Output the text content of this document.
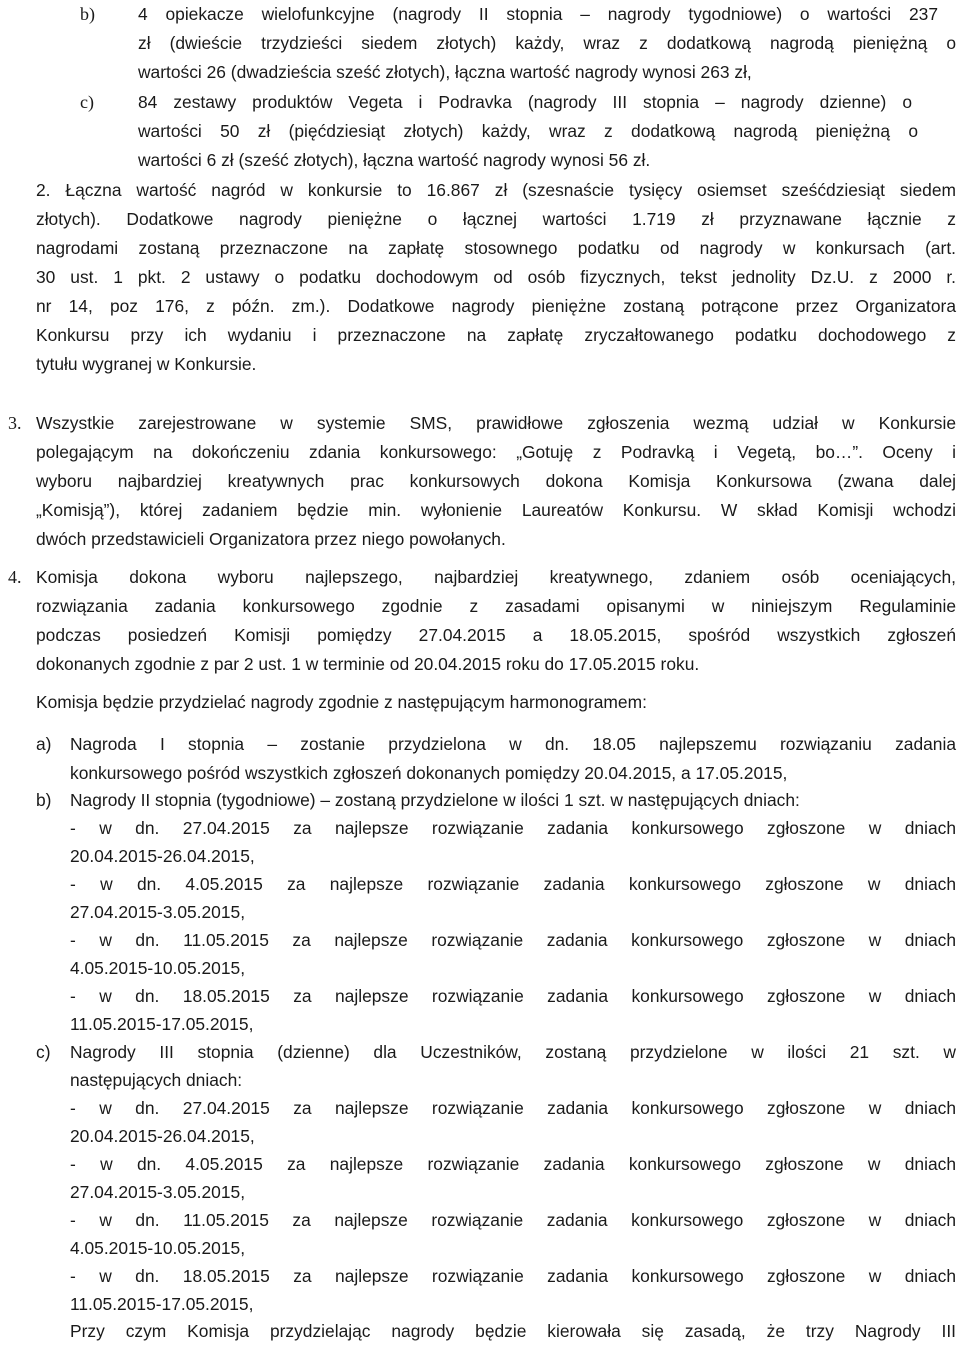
b)	4 opiekacze wielofunkcyjne (nagrody II stopnia – nagrody tygodniowe) o wartości 237
zł (dwieście trzydzieści siedem złotych) każdy, wraz z dodatkową nagrodą pieniężną o
wartości 26 (dwadzieścia sześć złotych), łączna wartość nagrody wynosi 263 zł,
c)	84 zestawy produktów Vegeta i Podravka (nagrody III stopnia – nagrody dzienne) o
wartości 50 zł (pięćdziesiąt złotych) każdy, wraz z dodatkową nagrodą pieniężną o
wartości 6 zł (sześć złotych), łączna wartość nagrody wynosi 56 zł.
2. Łączna wartość nagród w konkursie to 16.867 zł (szesnaście tysięcy osiemset sześćdziesiąt siedem
złotych). Dodatkowe nagrody pieniężne o łącznej wartości 1.719 zł przyznawane łącznie z
nagrodami zostaną przeznaczone na zapłatę stosownego podatku od nagrody w konkursach (art.
30 ust. 1 pkt. 2 ustawy o podatku dochodowym od osób fizycznych, tekst jednolity Dz.U. z 2000 r.
nr 14, poz 176, z późn. zm.). Dodatkowe nagrody pieniężne zostaną potrącone przez Organizatora
Konkursu przy ich wydaniu i przeznaczone na zapłatę zryczałtowanego podatku dochodowego z
tytułu wygranej w Konkursie.
3. Wszystkie zarejestrowane w systemie SMS, prawidłowe zgłoszenia wezmą udział w Konkursie
polegającym na dokończeniu zdania konkursowego: „Gotuję z Podravką i Vegetą, bo…”. Oceny i
wyboru najbardziej kreatywnych prac konkursowych dokona Komisja Konkursowa (zwana dalej
„Komisją”), której zadaniem będzie min. wyłonienie Laureatów Konkursu. W skład Komisji wchodzi
dwóch przedstawicieli Organizatora przez niego powołanych.
4. Komisja dokona wyboru najlepszego, najbardziej kreatywnego, zdaniem osób oceniających,
rozwiązania zadania konkursowego zgodnie z zasadami opisanymi w niniejszym Regulaminie
podczas posiedzeń Komisji pomiędzy 27.04.2015 a 18.05.2015, spośród wszystkich zgłoszeń
dokonanych zgodnie z par 2 ust. 1 w terminie od 20.04.2015 roku do 17.05.2015 roku.
Komisja będzie przydzielać nagrody zgodnie z następującym harmonogramem:
a) Nagroda I stopnia – zostanie przydzielona w dn. 18.05 najlepszemu rozwiązaniu zadania
konkursowego pośród wszystkich zgłoszeń dokonanych pomiędzy 20.04.2015, a 17.05.2015,
b) Nagrody II stopnia (tygodniowe) – zostaną przydzielone w ilości 1 szt. w następujących dniach:
- w dn. 27.04.2015 za najlepsze rozwiązanie zadania konkursowego zgłoszone w dniach
20.04.2015-26.04.2015,
- w dn. 4.05.2015 za najlepsze rozwiązanie zadania konkursowego zgłoszone w dniach
27.04.2015-3.05.2015,
- w dn. 11.05.2015 za najlepsze rozwiązanie zadania konkursowego zgłoszone w dniach
4.05.2015-10.05.2015,
- w dn. 18.05.2015 za najlepsze rozwiązanie zadania konkursowego zgłoszone w dniach
11.05.2015-17.05.2015,
c) Nagrody III stopnia (dzienne) dla Uczestników, zostaną przydzielone w ilości 21 szt. w
następujących dniach:
- w dn. 27.04.2015 za najlepsze rozwiązanie zadania konkursowego zgłoszone w dniach
20.04.2015-26.04.2015,
- w dn. 4.05.2015 za najlepsze rozwiązanie zadania konkursowego zgłoszone w dniach
27.04.2015-3.05.2015,
- w dn. 11.05.2015 za najlepsze rozwiązanie zadania konkursowego zgłoszone w dniach
4.05.2015-10.05.2015,
- w dn. 18.05.2015 za najlepsze rozwiązanie zadania konkursowego zgłoszone w dniach
11.05.2015-17.05.2015,
Przy czym Komisja przydzielając nagrody będzie kierowała się zasadą, że trzy Nagrody III
